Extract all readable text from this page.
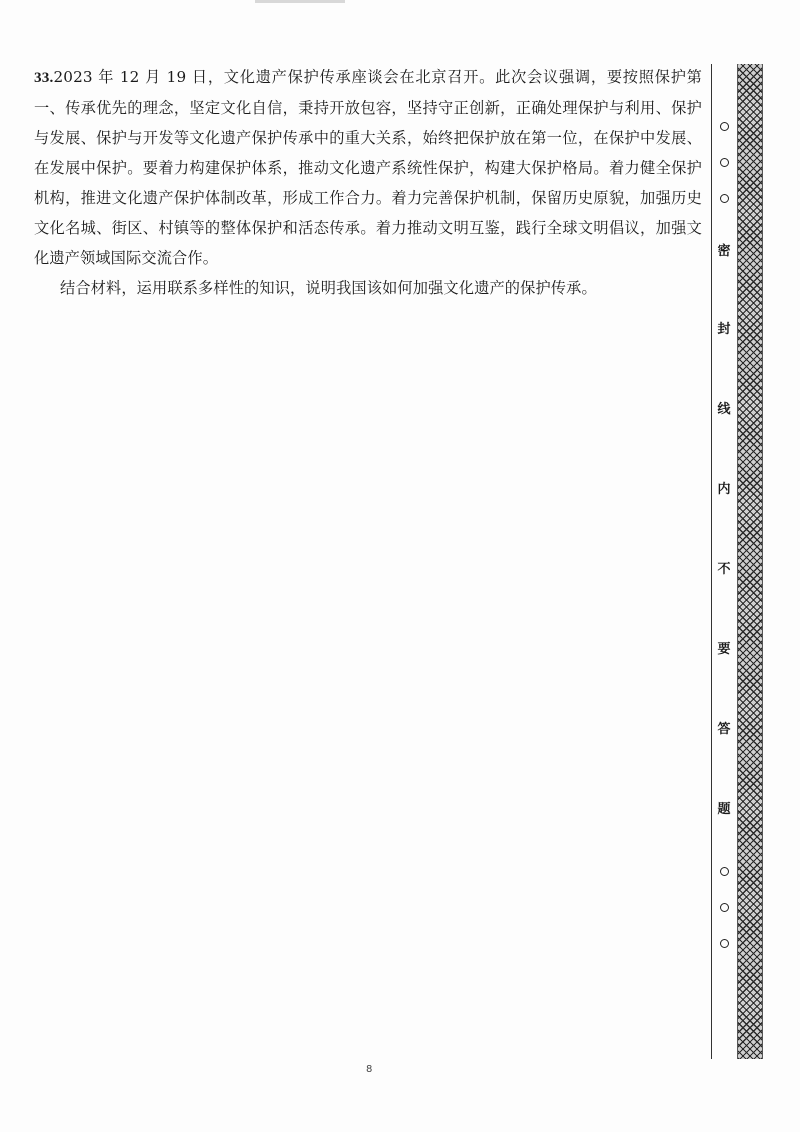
33.2023 年 12 月 19 日，文化遗产保护传承座谈会在北京召开。此次会议强调，要按照保护第一、传承优先的理念，坚定文化自信，秉持开放包容，坚持守正创新，正确处理保护与利用、保护与发展、保护与开发等文化遗产保护传承中的重大关系，始终把保护放在第一位，在保护中发展、在发展中保护。要着力构建保护体系，推动文化遗产系统性保护，构建大保护格局。着力健全保护机构，推进文化遗产保护体制改革，形成工作合力。着力完善保护机制，保留历史原貌，加强历史文化名城、街区、村镇等的整体保护和活态传承。着力推动文明互鉴，践行全球文明倡议，加强文化遗产领域国际交流合作。

结合材料，运用联系多样性的知识，说明我国该如何加强文化遗产的保护传承。

密
封
线
内
不
要
答
题
8
